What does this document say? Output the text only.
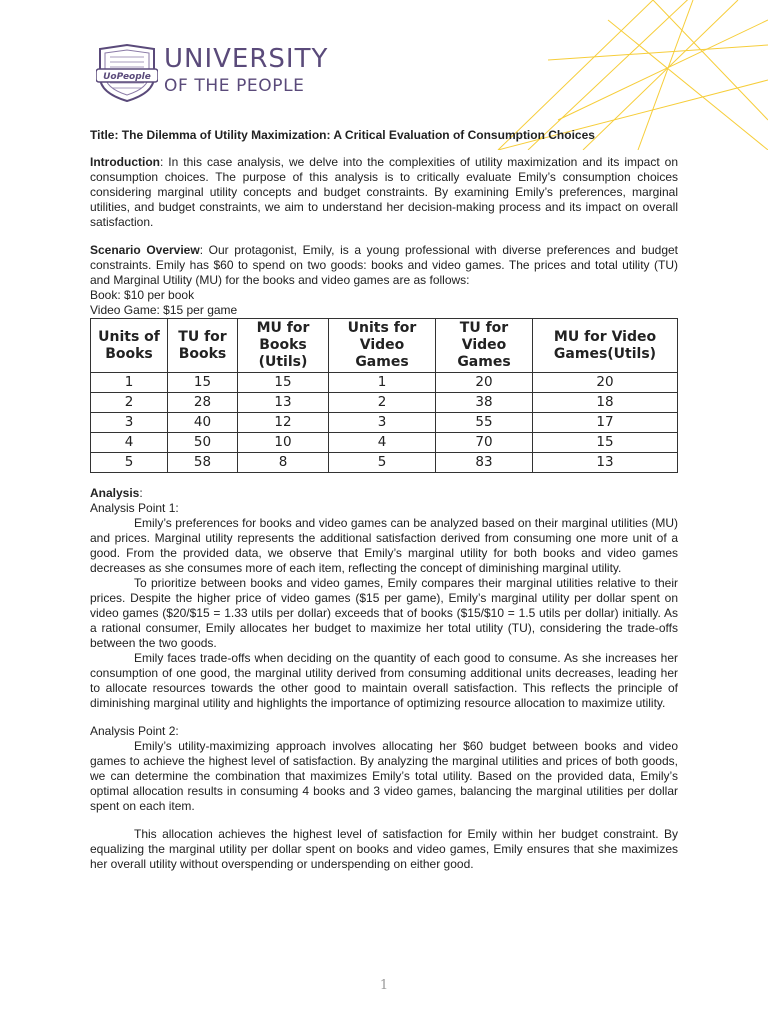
UoPeople
UNIVERSITY
OF THE PEOPLE
Title: The Dilemma of Utility Maximization: A Critical Evaluation of Consumption Choices

Introduction: In this case analysis, we delve into the complexities of utility maximization and its impact on consumption choices. The purpose of this analysis is to critically evaluate Emily’s consumption choices considering marginal utility concepts and budget constraints. By examining Emily’s preferences, marginal utilities, and budget constraints, we aim to understand her decision-making process and its impact on overall satisfaction.

Scenario Overview: Our protagonist, Emily, is a young professional with diverse preferences and budget constraints. Emily has $60 to spend on two goods: books and video games. The prices and total utility (TU) and Marginal Utility (MU) for the books and video games are as follows:

Book: $10 per book
Video Game: $15 per game
Units of Books	TU for Books	MU for Books (Utils)	Units for Video Games	TU for Video Games	MU for Video Games(Utils)
1	15	15	1	20	20
2	28	13	2	38	18
3	40	12	3	55	17
4	50	10	4	70	15
5	58	8	5	83	13
Analysis:
Analysis Point 1:

Emily’s preferences for books and video games can be analyzed based on their marginal utilities (MU) and prices. Marginal utility represents the additional satisfaction derived from consuming one more unit of a good. From the provided data, we observe that Emily’s marginal utility for both books and video games decreases as she consumes more of each item, reflecting the concept of diminishing marginal utility.

To prioritize between books and video games, Emily compares their marginal utilities relative to their prices. Despite the higher price of video games ($15 per game), Emily’s marginal utility per dollar spent on video games ($20/$15 = 1.33 utils per dollar) exceeds that of books ($15/$10 = 1.5 utils per dollar) initially. As a rational consumer, Emily allocates her budget to maximize her total utility (TU), considering the trade-offs between the two goods.

Emily faces trade-offs when deciding on the quantity of each good to consume. As she increases her consumption of one good, the marginal utility derived from consuming additional units decreases, leading her to allocate resources towards the other good to maintain overall satisfaction. This reflects the principle of diminishing marginal utility and highlights the importance of optimizing resource allocation to maximize utility.

Analysis Point 2:

Emily’s utility-maximizing approach involves allocating her $60 budget between books and video games to achieve the highest level of satisfaction. By analyzing the marginal utilities and prices of both goods, we can determine the combination that maximizes Emily’s total utility. Based on the provided data, Emily’s optimal allocation results in consuming 4 books and 3 video games, balancing the marginal utilities per dollar spent on each item.

This allocation achieves the highest level of satisfaction for Emily within her budget constraint. By equalizing the marginal utility per dollar spent on books and video games, Emily ensures that she maximizes her overall utility without overspending or underspending on either good.

1
